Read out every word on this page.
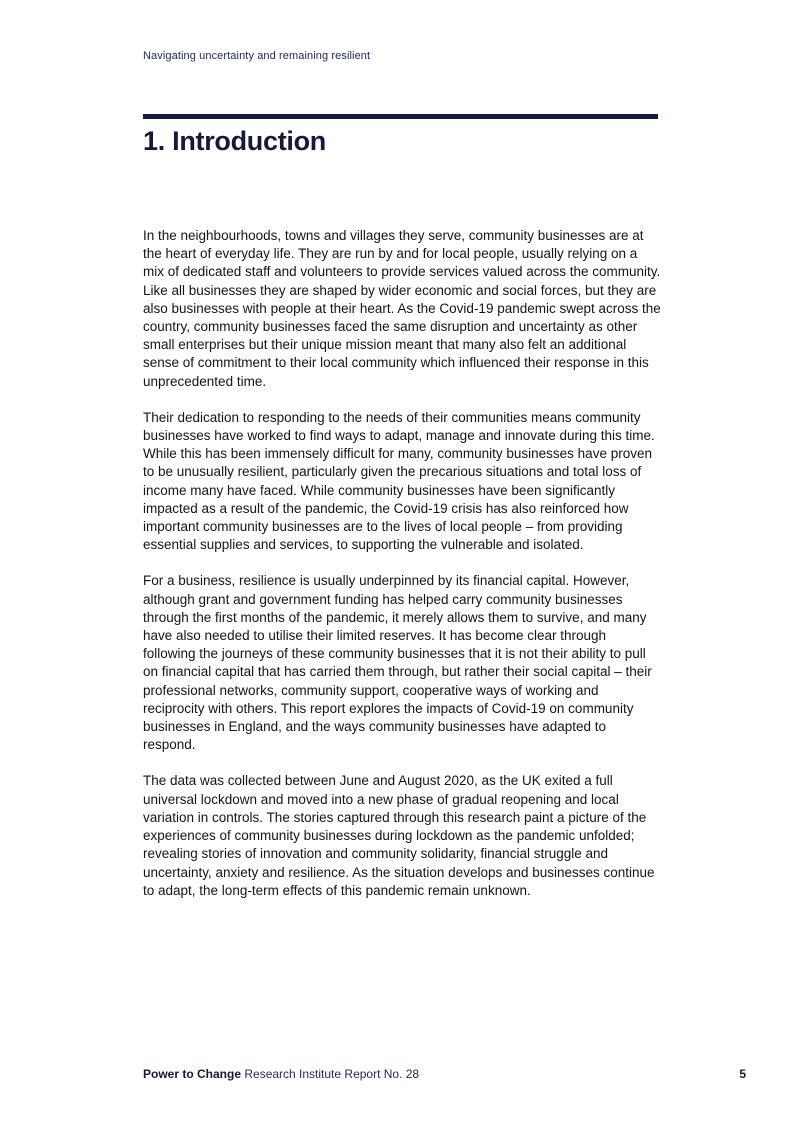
Navigating uncertainty and remaining resilient
1. Introduction

In the neighbourhoods, towns and villages they serve, community businesses are at the heart of everyday life. They are run by and for local people, usually relying on a mix of dedicated staff and volunteers to provide services valued across the community. Like all businesses they are shaped by wider economic and social forces, but they are also businesses with people at their heart. As the Covid-19 pandemic swept across the country, community businesses faced the same disruption and uncertainty as other small enterprises but their unique mission meant that many also felt an additional sense of commitment to their local community which influenced their response in this unprecedented time.

Their dedication to responding to the needs of their communities means community businesses have worked to find ways to adapt, manage and innovate during this time. While this has been immensely difficult for many, community businesses have proven to be unusually resilient, particularly given the precarious situations and total loss of income many have faced. While community businesses have been significantly impacted as a result of the pandemic, the Covid-19 crisis has also reinforced how important community businesses are to the lives of local people – from providing essential supplies and services, to supporting the vulnerable and isolated.

For a business, resilience is usually underpinned by its financial capital. However, although grant and government funding has helped carry community businesses through the first months of the pandemic, it merely allows them to survive, and many have also needed to utilise their limited reserves. It has become clear through following the journeys of these community businesses that it is not their ability to pull on financial capital that has carried them through, but rather their social capital – their professional networks, community support, cooperative ways of working and reciprocity with others. This report explores the impacts of Covid-19 on community businesses in England, and the ways community businesses have adapted to respond.

The data was collected between June and August 2020, as the UK exited a full universal lockdown and moved into a new phase of gradual reopening and local variation in controls. The stories captured through this research paint a picture of the experiences of community businesses during lockdown as the pandemic unfolded; revealing stories of innovation and community solidarity, financial struggle and uncertainty, anxiety and resilience. As the situation develops and businesses continue to adapt, the long-term effects of this pandemic remain unknown.

Power to Change Research Institute Report No. 28	5
